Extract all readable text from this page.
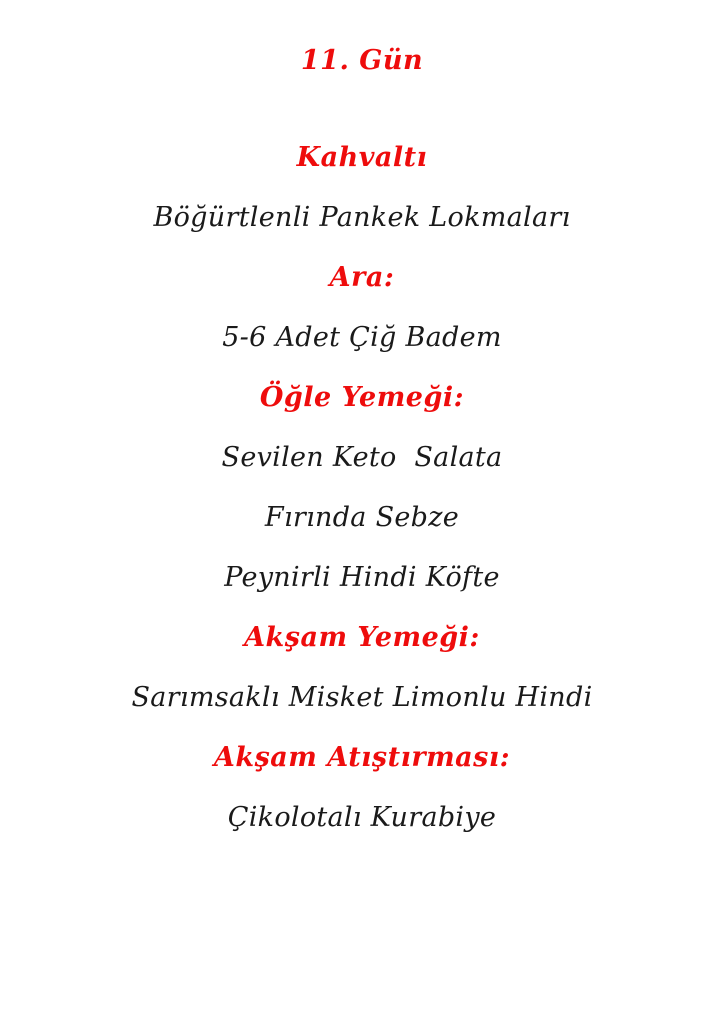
11. Gün
Kahvaltı
Böğürtlenli Pankek Lokmaları
Ara:
5-6 Adet Çiğ Badem
Öğle Yemeği:
Sevilen Keto  Salata
Fırında Sebze
Peynirli Hindi Köfte
Akşam Yemeği:
Sarımsaklı Misket Limonlu Hindi
Akşam Atıştırması:
Çikolotalı Kurabiye
